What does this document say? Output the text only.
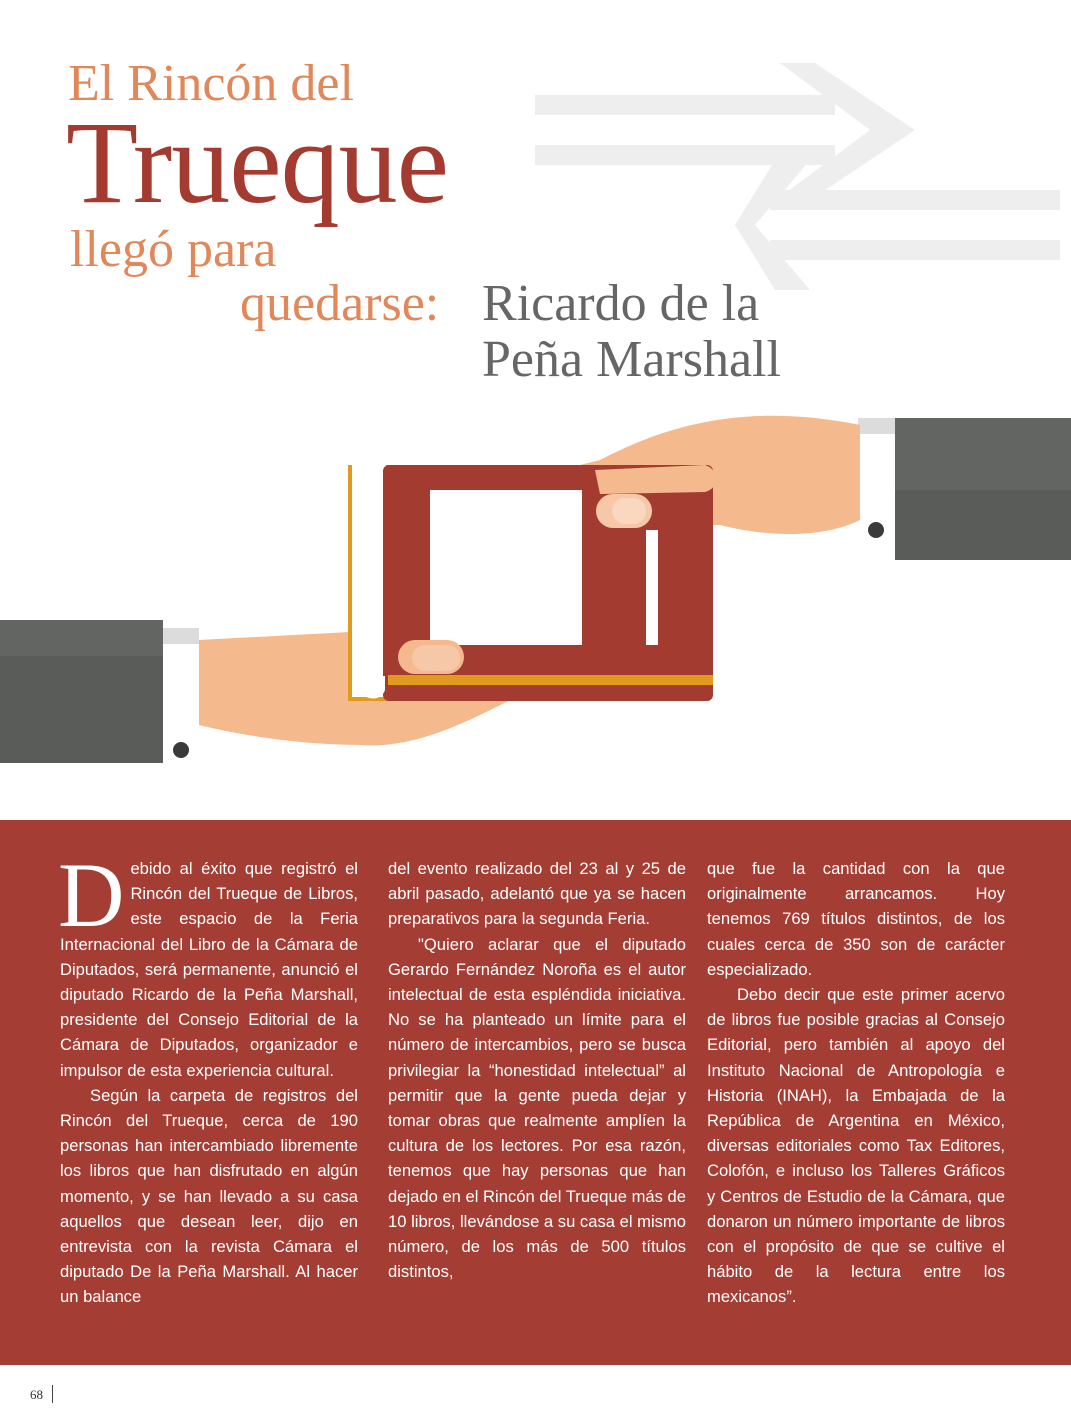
El Rincón del
Trueque
llegó para
quedarse: Ricardo de la
Peña Marshall

Debido al éxito que registró el Rincón del Trueque de Libros, este espacio de la Feria Internacional del Libro de la Cámara de Diputados, será permanente, anunció el diputado Ricardo de la Peña Marshall, presidente del Consejo Editorial de la Cámara de Diputados, organizador e impulsor de esta experiencia cultural.

Según la carpeta de registros del Rincón del Trueque, cerca de 190 personas han intercambiado libremente los libros que han disfrutado en algún momento, y se han llevado a su casa aquellos que desean leer, dijo en entrevista con la revista Cámara el diputado De la Peña Marshall. Al hacer un balance

del evento realizado del 23 al y 25 de abril pasado, adelantó que ya se hacen preparativos para la segunda Feria.

"Quiero aclarar que el diputado Gerardo Fernández Noroña es el autor intelectual de esta espléndida iniciativa. No se ha planteado un límite para el número de intercambios, pero se busca privilegiar la “honestidad intelectual” al permitir que la gente pueda dejar y tomar obras que realmente amplíen la cultura de los lectores. Por esa razón, tenemos que hay personas que han dejado en el Rincón del Trueque más de 10 libros, llevándose a su casa el mismo número, de los más de 500 títulos distintos,

que fue la cantidad con la que originalmente arrancamos. Hoy tenemos 769 títulos distintos, de los cuales cerca de 350 son de carácter especializado.

Debo decir que este primer acervo de libros fue posible gracias al Consejo Editorial, pero también al apoyo del Instituto Nacional de Antropología e Historia (INAH), la Embajada de la República de Argentina en México, diversas editoriales como Tax Editores, Colofón, e incluso los Talleres Gráficos y Centros de Estudio de la Cámara, que donaron un número importante de libros con el propósito de que se cultive el hábito de la lectura entre los mexicanos”.

68
